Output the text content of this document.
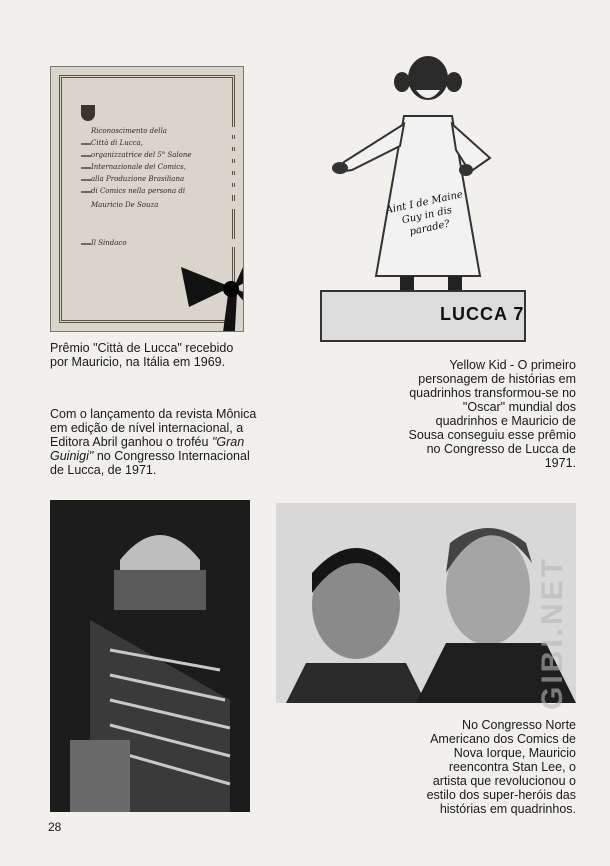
Riconoscimento della
Città di Lucca,
organizzatrice del 5° Salone
Internazionale dei Comics,
alla Produzione Brasiliana
di Comics nella persona di
Mauricio De Souza
Il Sindaco

Prêmio "Città de Lucca" recebido por Mauricio, na Itália em 1969.

Aint I de Maine Guy in dis parade?
LUCCA 7

Yellow Kid - O primeiro personagem de histórias em quadrinhos transformou-se no "Oscar" mundial dos quadrinhos e Mauricio de Sousa conseguiu esse prêmio no Congresso de Lucca de 1971.

Com o lançamento da revista Mônica em edição de nível internacional, a Editora Abril ganhou o troféu "Gran Guinigi" no Congresso Internacional de Lucca, de 1971.

No Congresso Norte Americano dos Comics de Nova Iorque, Mauricio reencontra Stan Lee, o artista que revolucionou o estilo dos super-heróis das histórias em quadrinhos.

28
GIBI.NET
